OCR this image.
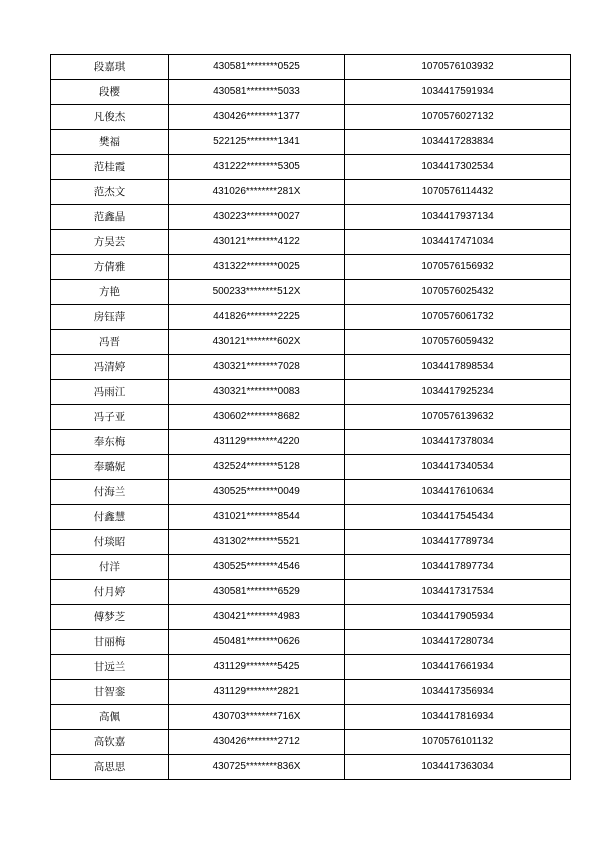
段嘉琪	430581********0525	1070576103932
段樱	430581********5033	1034417591934
凡俊杰	430426********1377	1070576027132
樊福	522125********1341	1034417283834
范桂霞	431222********5305	1034417302534
范杰文	431026********281X	1070576114432
范鑫晶	430223********0027	1034417937134
方昊芸	430121********4122	1034417471034
方倩雅	431322********0025	1070576156932
方艳	500233********512X	1070576025432
房钰萍	441826********2225	1070576061732
冯晋	430121********602X	1070576059432
冯清婷	430321********7028	1034417898534
冯雨江	430321********0083	1034417925234
冯子亚	430602********8682	1070576139632
奉东梅	431129********4220	1034417378034
奉璐妮	432524********5128	1034417340534
付海兰	430525********0049	1034417610634
付鑫慧	431021********8544	1034417545434
付琰昭	431302********5521	1034417789734
付洋	430525********4546	1034417897734
付月婷	430581********6529	1034417317534
傅梦芝	430421********4983	1034417905934
甘丽梅	450481********0626	1034417280734
甘远兰	431129********5425	1034417661934
甘智銮	431129********2821	1034417356934
高佩	430703********716X	1034417816934
高钦嘉	430426********2712	1070576101132
高思思	430725********836X	1034417363034
